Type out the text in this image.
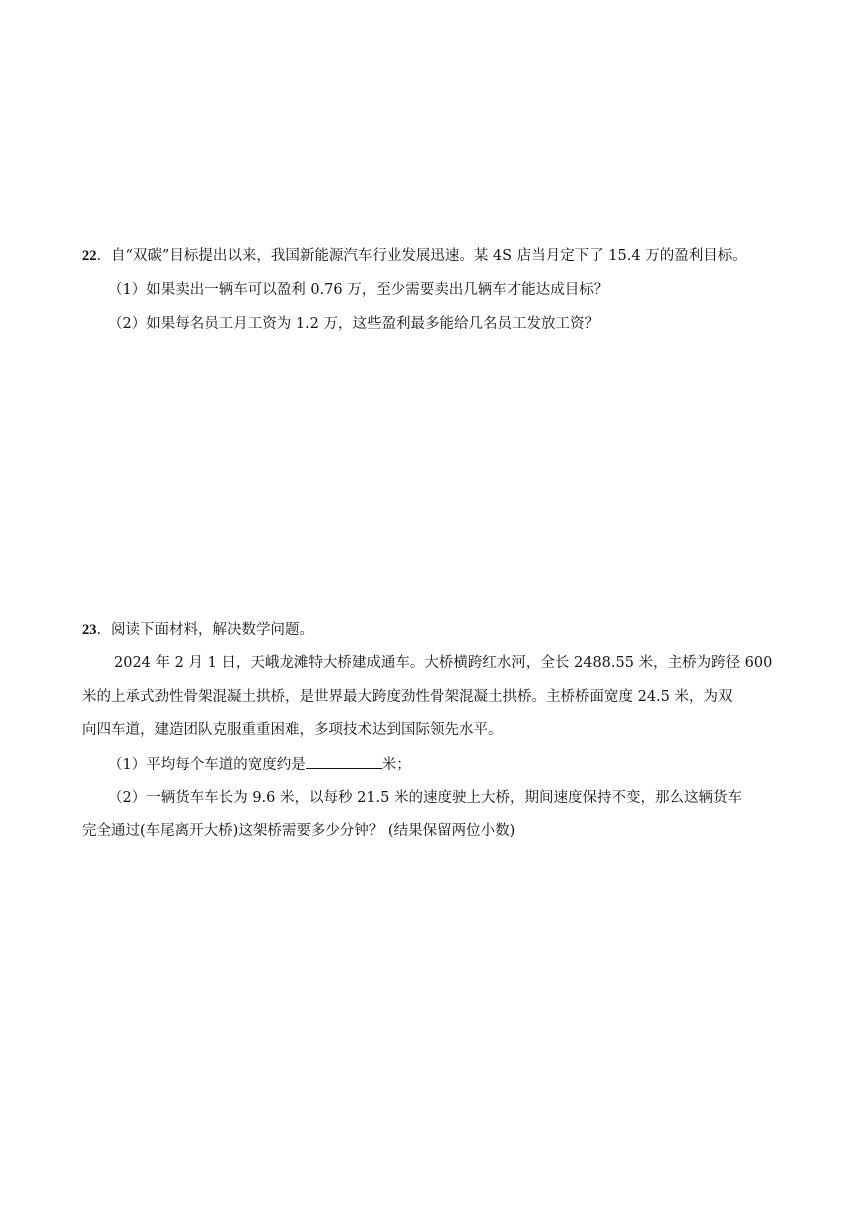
22．自“双碳”目标提出以来，我国新能源汽车行业发展迅速。某 4S 店当月定下了 15.4 万的盈利目标。
（1）如果卖出一辆车可以盈利 0.76 万，至少需要卖出几辆车才能达成目标？
（2）如果每名员工月工资为 1.2 万，这些盈利最多能给几名员工发放工资？
23．阅读下面材料，解决数学问题。
2024 年 2 月 1 日，天峨龙滩特大桥建成通车。大桥横跨红水河，全长 2488.55 米，主桥为跨径 600
米的上承式劲性骨架混凝土拱桥，是世界最大跨度劲性骨架混凝土拱桥。主桥桥面宽度 24.5 米，为双
向四车道，建造团队克服重重困难，多项技术达到国际领先水平。
（1）平均每个车道的宽度约是	米；
（2）一辆货车车长为 9.6 米，以每秒 21.5 米的速度驶上大桥，期间速度保持不变，那么这辆货车
完全通过(车尾离开大桥)这架桥需要多少分钟？ (结果保留两位小数)
